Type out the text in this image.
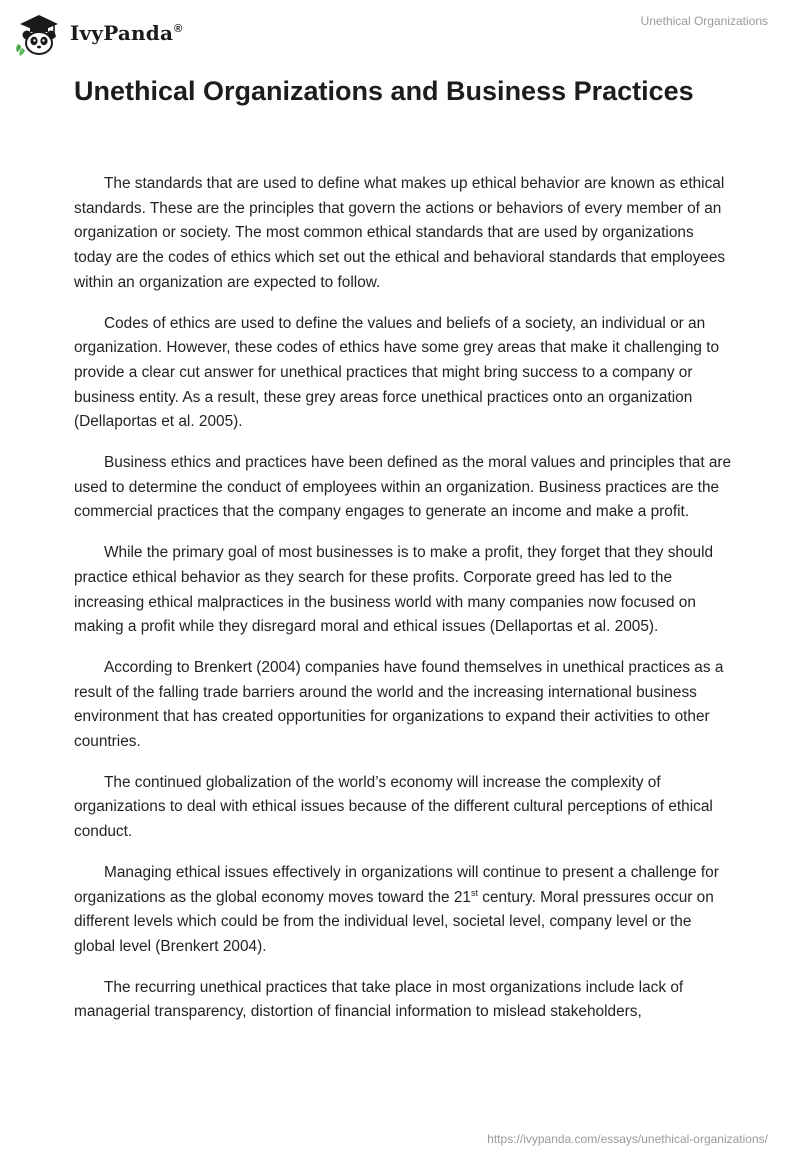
IvyPanda®
Unethical Organizations
Unethical Organizations and Business Practices

The standards that are used to define what makes up ethical behavior are known as ethical standards. These are the principles that govern the actions or behaviors of every member of an organization or society. The most common ethical standards that are used by organizations today are the codes of ethics which set out the ethical and behavioral standards that employees within an organization are expected to follow.

Codes of ethics are used to define the values and beliefs of a society, an individual or an organization. However, these codes of ethics have some grey areas that make it challenging to provide a clear cut answer for unethical practices that might bring success to a company or business entity. As a result, these grey areas force unethical practices onto an organization (Dellaportas et al. 2005).

Business ethics and practices have been defined as the moral values and principles that are used to determine the conduct of employees within an organization. Business practices are the commercial practices that the company engages to generate an income and make a profit.

While the primary goal of most businesses is to make a profit, they forget that they should practice ethical behavior as they search for these profits. Corporate greed has led to the increasing ethical malpractices in the business world with many companies now focused on making a profit while they disregard moral and ethical issues (Dellaportas et al. 2005).

According to Brenkert (2004) companies have found themselves in unethical practices as a result of the falling trade barriers around the world and the increasing international business environment that has created opportunities for organizations to expand their activities to other countries.

The continued globalization of the world’s economy will increase the complexity of organizations to deal with ethical issues because of the different cultural perceptions of ethical conduct.

Managing ethical issues effectively in organizations will continue to present a challenge for organizations as the global economy moves toward the 21st century. Moral pressures occur on different levels which could be from the individual level, societal level, company level or the global level (Brenkert 2004).

The recurring unethical practices that take place in most organizations include lack of managerial transparency, distortion of financial information to mislead stakeholders,

https://ivypanda.com/essays/unethical-organizations/
